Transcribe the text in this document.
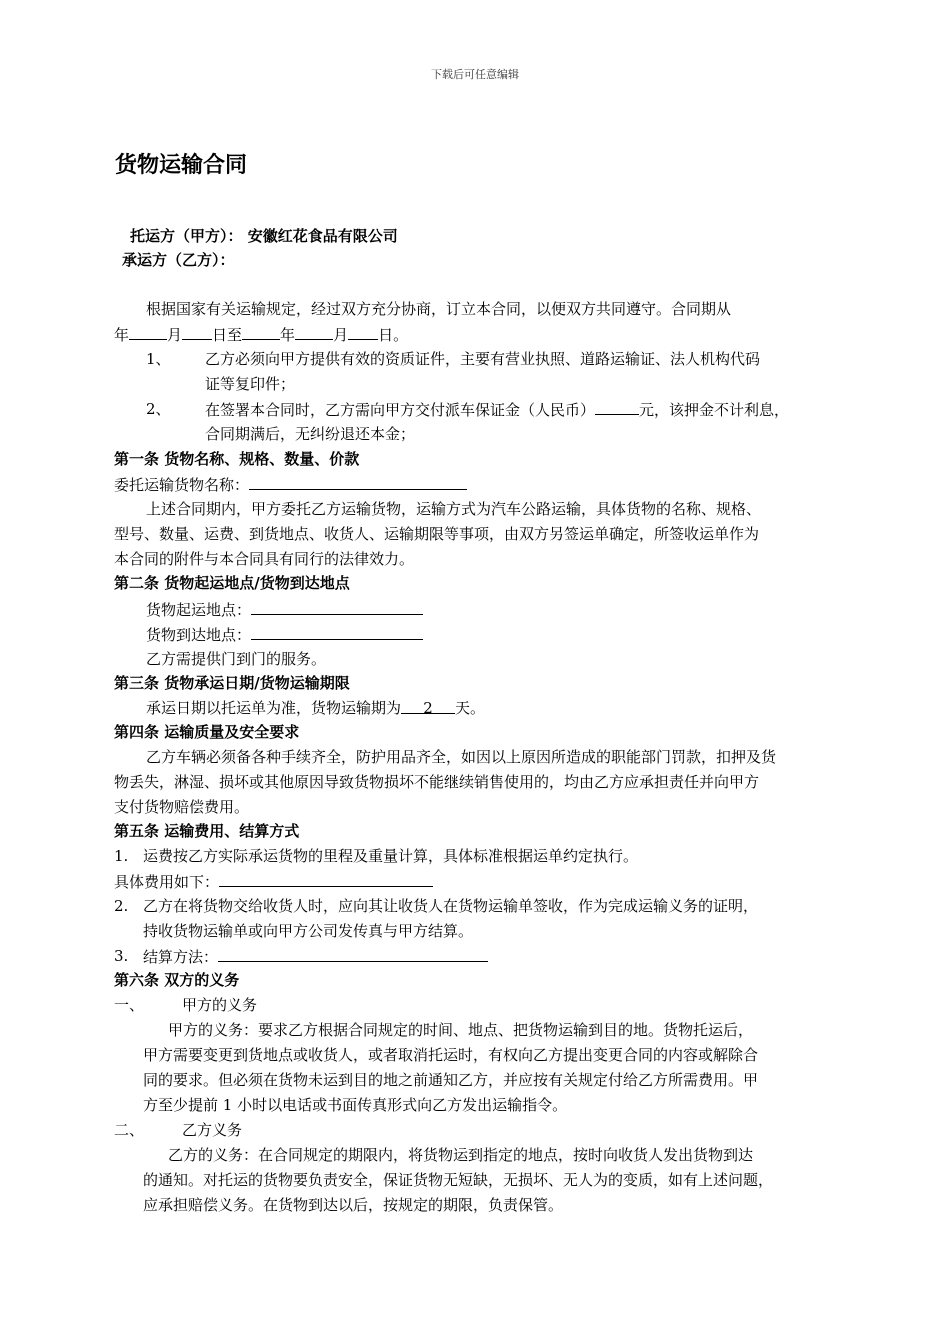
下载后可任意编辑
货物运输合同
托运方（甲方）： 安徽红花食品有限公司
承运方（乙方）：
根据国家有关运输规定，经过双方充分协商，订立本合同，以便双方共同遵守。合同期从
年	月 日至	年	月 日。
1、 乙方必须向甲方提供有效的资质证件，主要有营业执照、道路运输证、法人机构代码
证等复印件；
2、 在签署本合同时，乙方需向甲方交付派车保证金（人民币）	元，该押金不计利息，
合同期满后，无纠纷退还本金；
第一条 货物名称、规格、数量、价款
委托运输货物名称：
上述合同期内，甲方委托乙方运输货物，运输方式为汽车公路运输，具体货物的名称、规格、
型号、数量、运费、到货地点、收货人、运输期限等事项，由双方另签运单确定，所签收运单作为
本合同的附件与本合同具有同行的法律效力。
第二条 货物起运地点/货物到达地点
货物起运地点：
货物到达地点：
乙方需提供门到门的服务。
第三条 货物承运日期/货物运输期限
承运日期以托运单为准，货物运输期为 2 天。
第四条 运输质量及安全要求
乙方车辆必须备各种手续齐全，防护用品齐全，如因以上原因所造成的职能部门罚款，扣押及货
物丢失，淋湿、损坏或其他原因导致货物损坏不能继续销售使用的，均由乙方应承担责任并向甲方
支付货物赔偿费用。
第五条 运输费用、结算方式
1. 运费按乙方实际承运货物的里程及重量计算，具体标准根据运单约定执行。
具体费用如下：
2. 乙方在将货物交给收货人时，应向其让收货人在货物运输单签收，作为完成运输义务的证明，
持收货物运输单或向甲方公司发传真与甲方结算。
3. 结算方法：
第六条 双方的义务
一、	甲方的义务
甲方的义务：要求乙方根据合同规定的时间、地点、把货物运输到目的地。货物托运后，
甲方需要变更到货地点或收货人，或者取消托运时，有权向乙方提出变更合同的内容或解除合
同的要求。但必须在货物未运到目的地之前通知乙方，并应按有关规定付给乙方所需费用。甲
方至少提前 1 小时以电话或书面传真形式向乙方发出运输指令。
二、	乙方义务
乙方的义务：在合同规定的期限内，将货物运到指定的地点，按时向收货人发出货物到达
的通知。对托运的货物要负责安全，保证货物无短缺，无损坏、无人为的变质，如有上述问题，
应承担赔偿义务。在货物到达以后，按规定的期限，负责保管。
